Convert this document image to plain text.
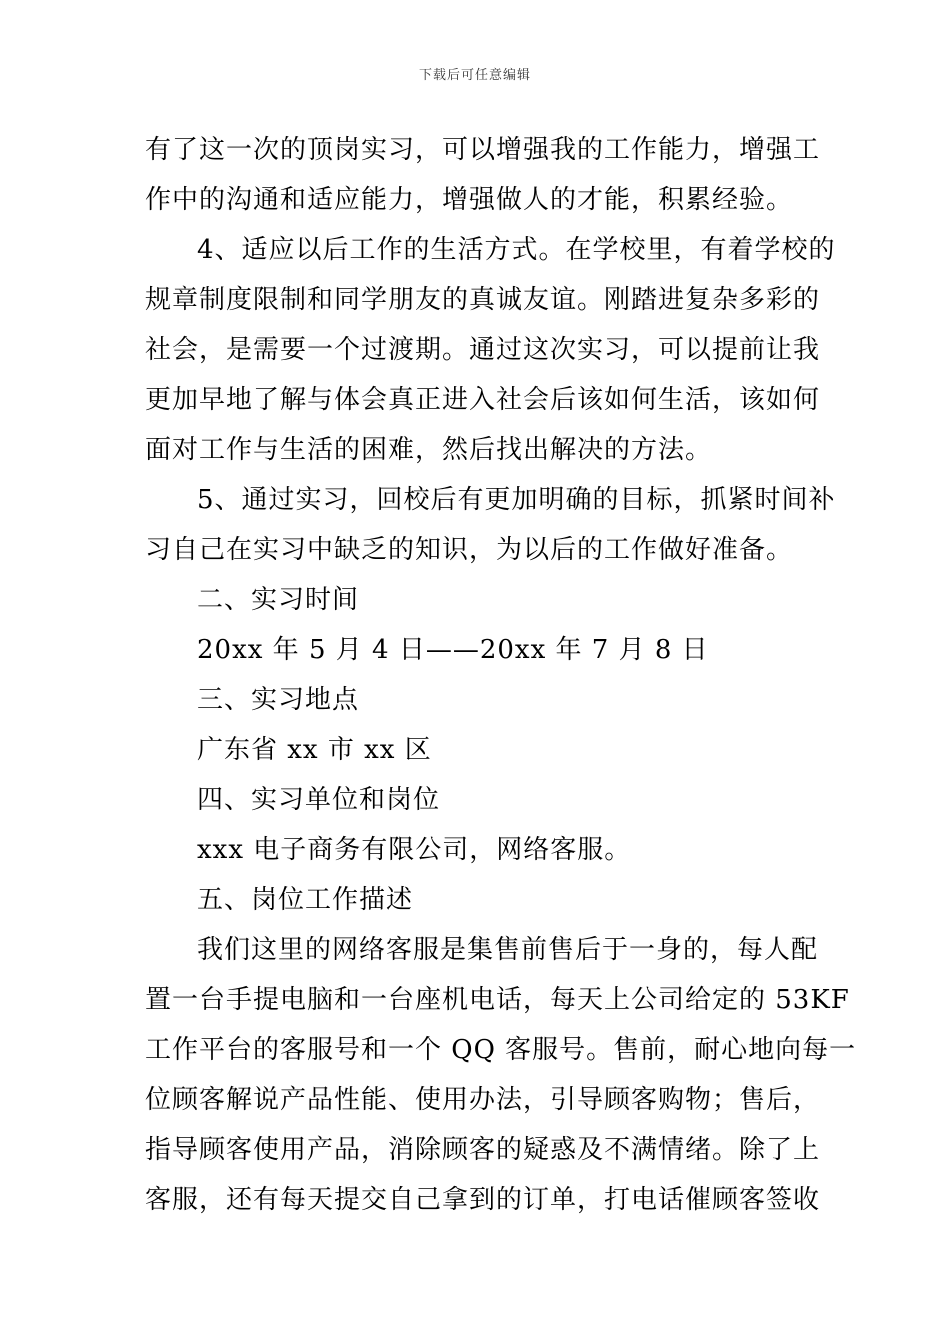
下载后可任意编辑
有了这一次的顶岗实习，可以增强我的工作能力，增强工
作中的沟通和适应能力，增强做人的才能，积累经验。
4、适应以后工作的生活方式。在学校里，有着学校的
规章制度限制和同学朋友的真诚友谊。刚踏进复杂多彩的
社会，是需要一个过渡期。通过这次实习，可以提前让我
更加早地了解与体会真正进入社会后该如何生活，该如何
面对工作与生活的困难，然后找出解决的方法。
5、通过实习，回校后有更加明确的目标，抓紧时间补
习自己在实习中缺乏的知识，为以后的工作做好准备。
二、实习时间
20xx 年 5 月 4 日——20xx 年 7 月 8 日
三、实习地点
广东省 xx 市 xx 区
四、实习单位和岗位
xxx 电子商务有限公司，网络客服。
五、岗位工作描述
我们这里的网络客服是集售前售后于一身的，每人配
置一台手提电脑和一台座机电话，每天上公司给定的 53KF
工作平台的客服号和一个 QQ 客服号。售前，耐心地向每一
位顾客解说产品性能、使用办法，引导顾客购物；售后，
指导顾客使用产品，消除顾客的疑惑及不满情绪。除了上
客服，还有每天提交自己拿到的订单，打电话催顾客签收
